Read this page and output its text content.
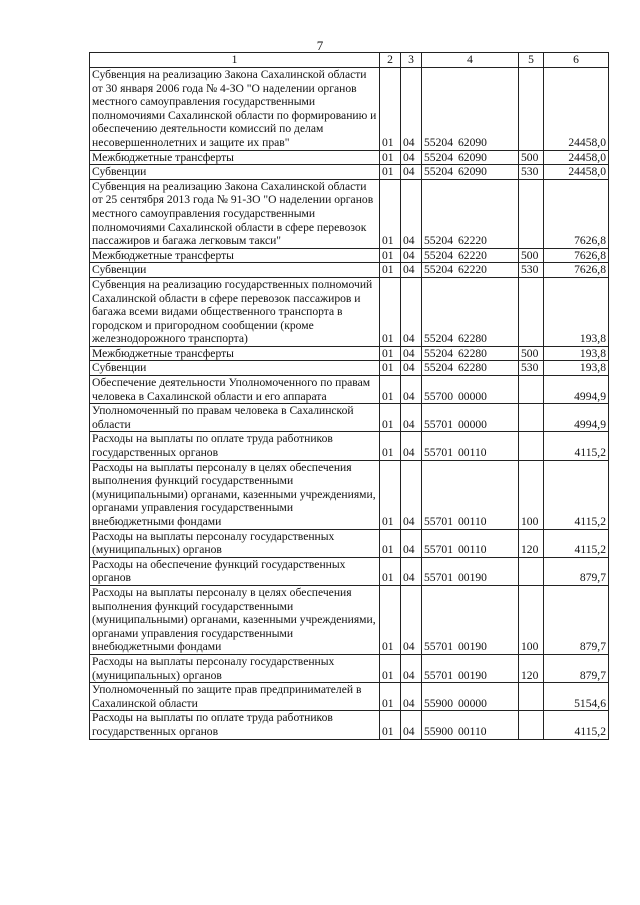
7
1	2	3	4	5	6
Субвенция на реализацию Закона Сахалинской области от 30 января 2006 года № 4-ЗО "О наделении органов местного самоуправления государственными полномочиями Сахалинской области по формированию и обеспечению деятельности комиссий по делам несовершеннолетних и защите их прав"	01	04	55204 62090		24458,0
Межбюджетные трансферты	01	04	55204 62090	500	24458,0
Субвенции	01	04	55204 62090	530	24458,0
Субвенция на реализацию Закона Сахалинской области от 25 сентября 2013 года № 91-ЗО "О наделении органов местного самоуправления государственными полномочиями Сахалинской области в сфере перевозок пассажиров и багажа легковым такси"	01	04	55204 62220		7626,8
Межбюджетные трансферты	01	04	55204 62220	500	7626,8
Субвенции	01	04	55204 62220	530	7626,8
Субвенция на реализацию государственных полномочий Сахалинской области в сфере перевозок пассажиров и багажа всеми видами общественного транспорта в городском и пригородном сообщении (кроме железнодорожного транспорта)	01	04	55204 62280		193,8
Межбюджетные трансферты	01	04	55204 62280	500	193,8
Субвенции	01	04	55204 62280	530	193,8
Обеспечение деятельности Уполномоченного по правам человека в Сахалинской области и его аппарата	01	04	55700 00000		4994,9
Уполномоченный по правам человека в Сахалинской области	01	04	55701 00000		4994,9
Расходы на выплаты по оплате труда работников государственных органов	01	04	55701 00110		4115,2
Расходы на выплаты персоналу в целях обеспечения выполнения функций государственными (муниципальными) органами, казенными учреждениями, органами управления государственными внебюджетными фондами	01	04	55701 00110	100	4115,2
Расходы на выплаты персоналу государственных (муниципальных) органов	01	04	55701 00110	120	4115,2
Расходы на обеспечение функций государственных органов	01	04	55701 00190		879,7
Расходы на выплаты персоналу в целях обеспечения выполнения функций государственными (муниципальными) органами, казенными учреждениями, органами управления государственными внебюджетными фондами	01	04	55701 00190	100	879,7
Расходы на выплаты персоналу государственных (муниципальных) органов	01	04	55701 00190	120	879,7
Уполномоченный по защите прав предпринимателей в Сахалинской области	01	04	55900 00000		5154,6
Расходы на выплаты по оплате труда работников государственных органов	01	04	55900 00110		4115,2
